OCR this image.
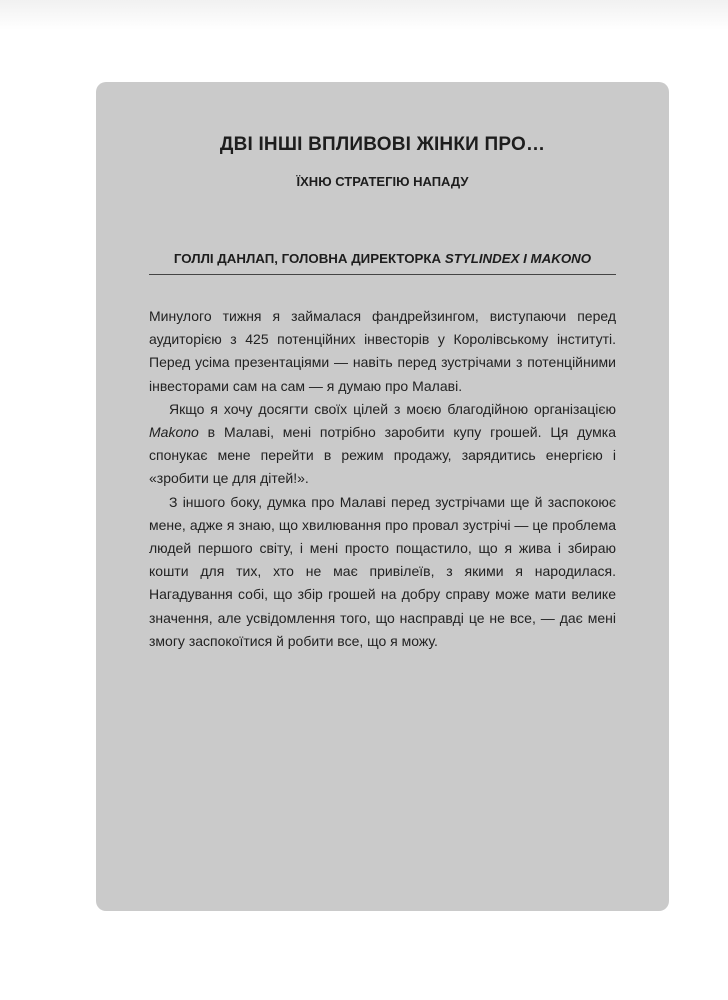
ДВІ ІНШІ ВПЛИВОВІ ЖІНКИ ПРО…
ЇХНЮ СТРАТЕГІЮ НАПАДУ
ГОЛЛІ ДАНЛАП, ГОЛОВНА ДИРЕКТОРКА STYLINDEX I MAKONO

Минулого тижня я займалася фандрейзингом, виступаючи перед аудиторією з 425 потенційних інвесторів у Королівському інституті. Перед усіма презентаціями — навіть перед зустрічами з потенційними інвесторами сам на сам — я думаю про Малаві.

Якщо я хочу досягти своїх цілей з моєю благодійною організацією Makono в Малаві, мені потрібно заробити купу грошей. Ця думка спонукає мене перейти в режим продажу, зарядитись енергією і «зробити це для дітей!».

З іншого боку, думка про Малаві перед зустрічами ще й заспокоює мене, адже я знаю, що хвилювання про провал зустрічі — це проблема людей першого світу, і мені просто пощастило, що я жива і збираю кошти для тих, хто не має привілеїв, з якими я народилася. Нагадування собі, що збір грошей на добру справу може мати велике значення, але усвідомлення того, що насправді це не все, — дає мені змогу заспокоїтися й робити все, що я можу.
